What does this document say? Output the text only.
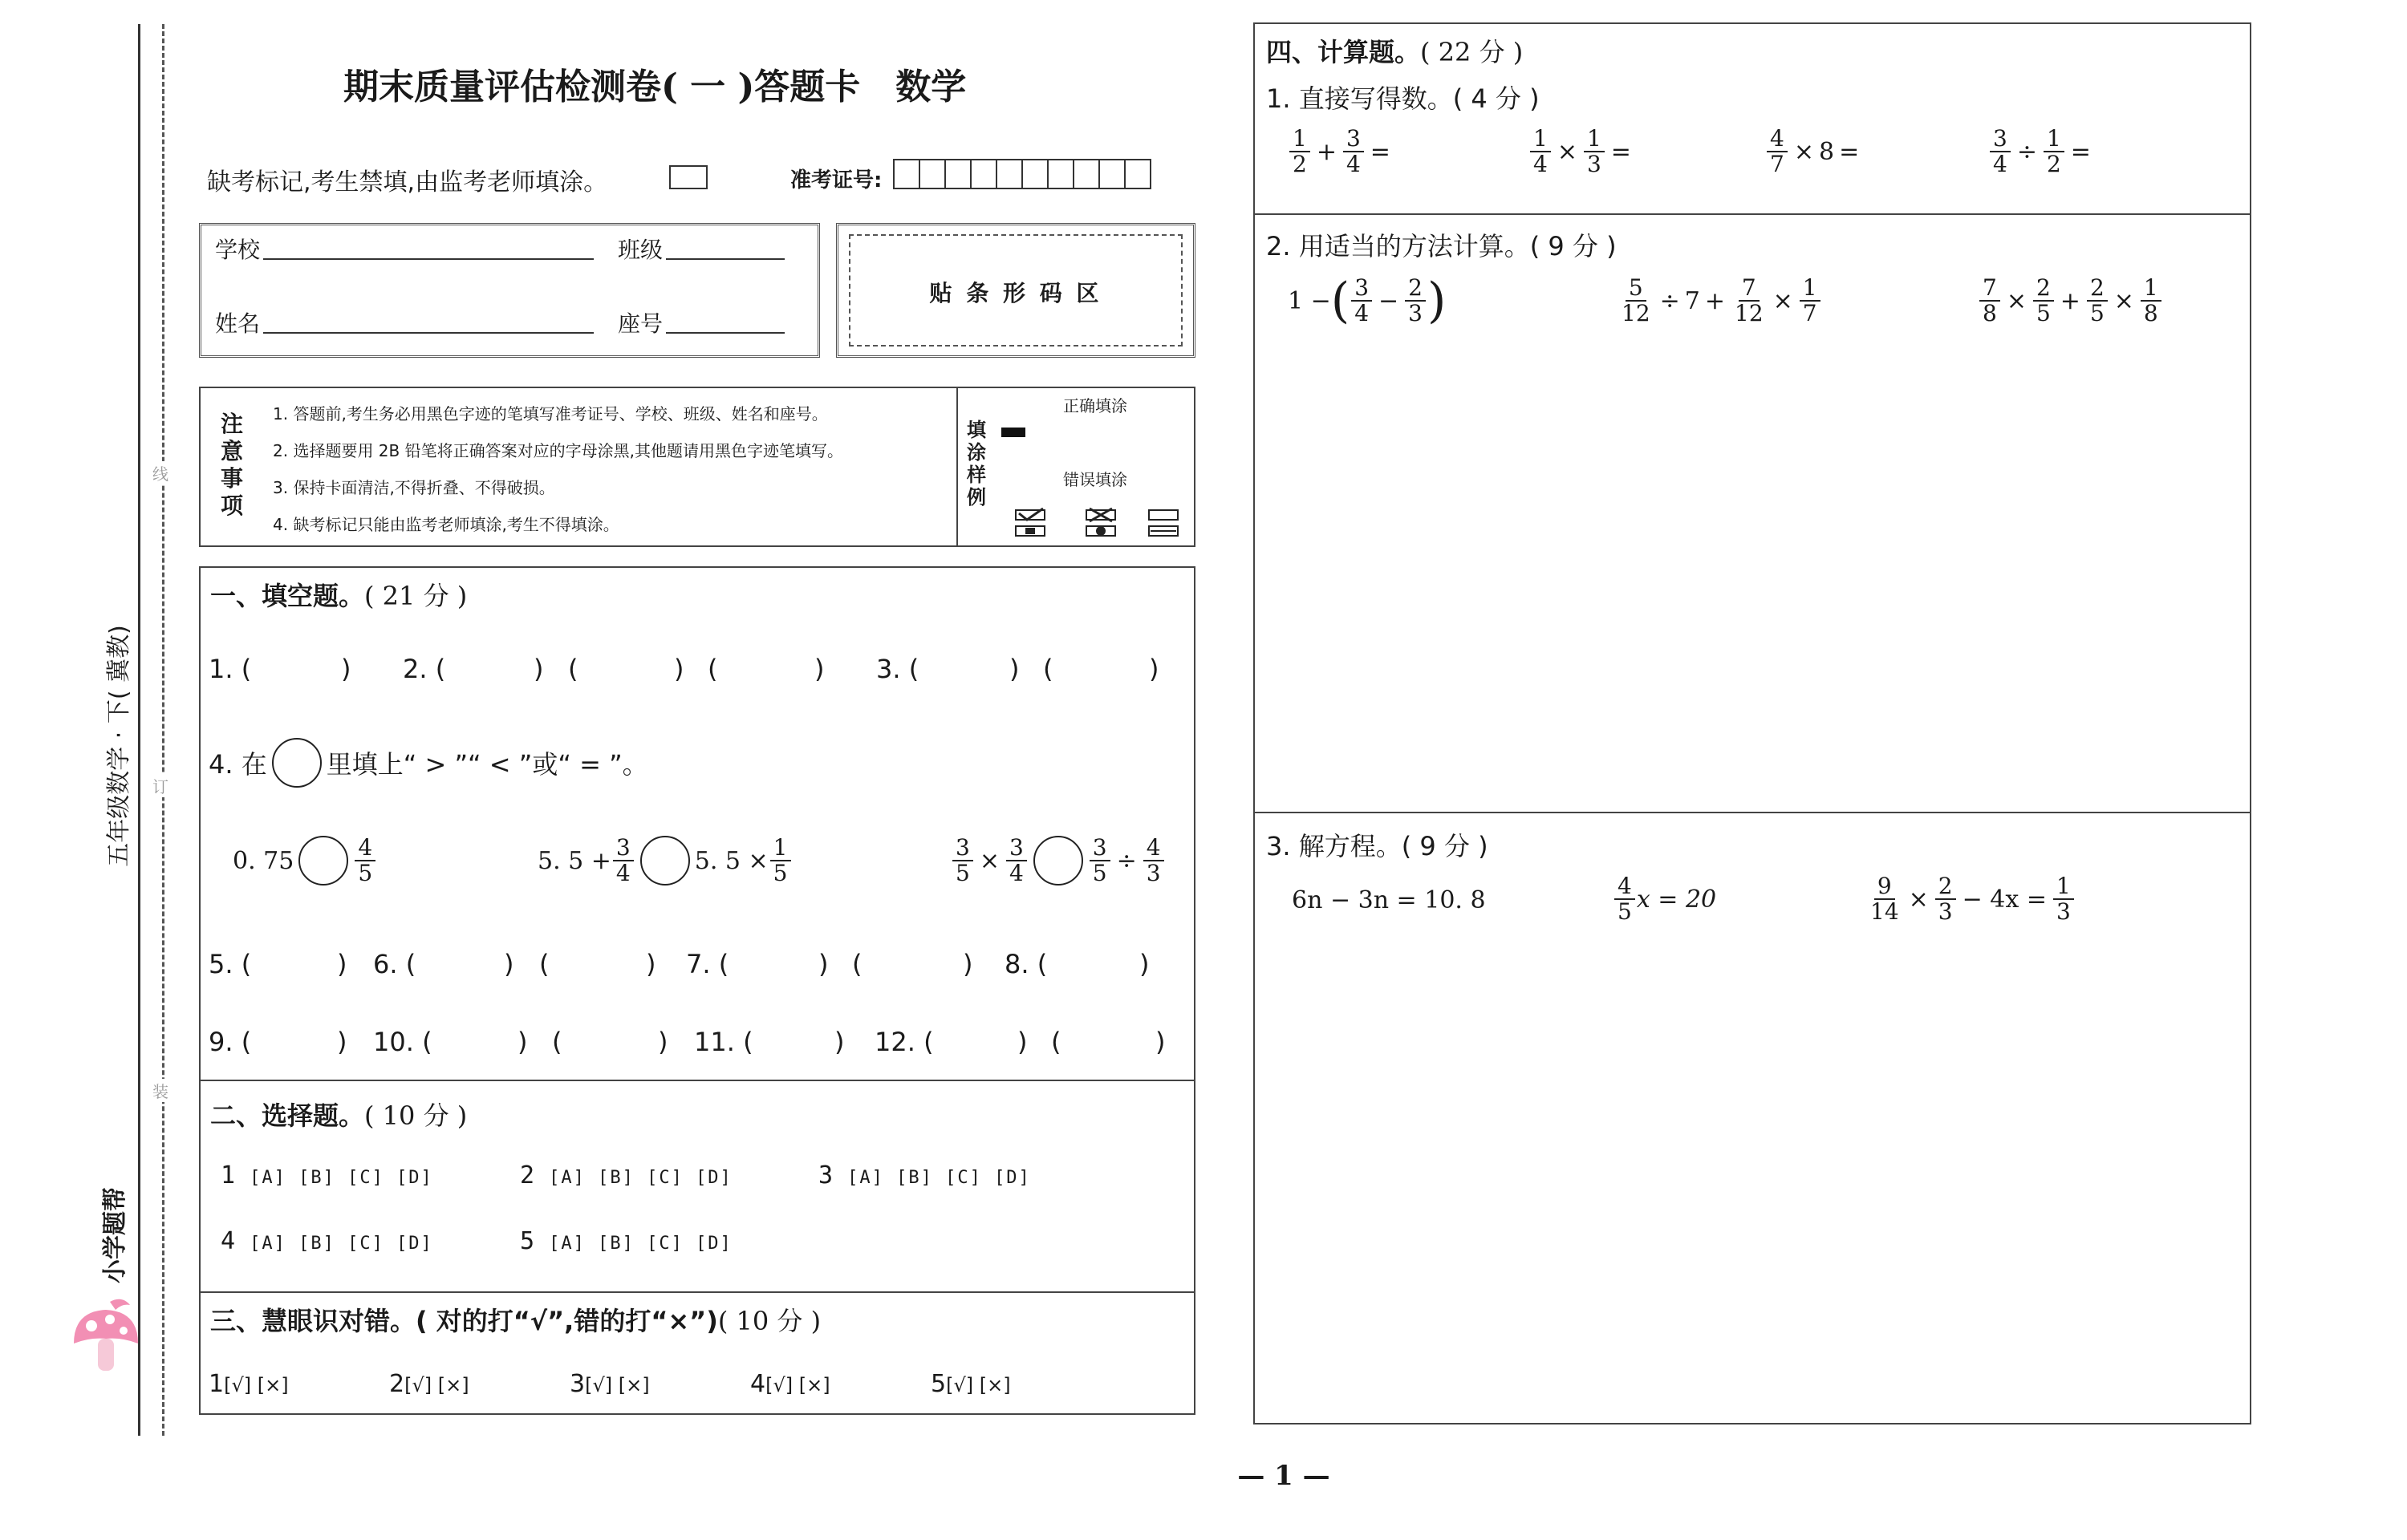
线
订
装
五年级数学 · 下( 冀教)
小学题帮
期末质量评估检测卷( 一 )答题卡　数学
缺考标记,考生禁填,由监考老师填涂。	准考证号:
学校	班级
姓名	座号
贴 条 形 码 区
注意事项
1. 答题前,考生务必用黑色字迹的笔填写准考证号、学校、班级、姓名和座号。
2. 选择题要用 2B 铅笔将正确答案对应的字母涂黑,其他题请用黑色字迹笔填写。
3. 保持卡面清洁,不得折叠、不得破损。
4. 缺考标记只能由监考老师填涂,考生不得填涂。
填涂样例
正确填涂
错误填涂
一、填空题。( 21 分 )
1. (	) 2. (	) (	) (	) 3. (	) (	)
4. 在 里填上“ > ”“ < ”或“ = ”。
0. 75	$\frac{4}{5}$	5. $5 + \frac{3}{4}$	5. $5 \times \frac{1}{5}$	$\frac{3}{5} \times \frac{3}{4}$	$\frac{3}{5} \div \frac{4}{3}$
5. (	) 6. (	) (	) 7. (	) (	) 8. (	)
9. (	) 10. (	) (	) 11. (	) 12. (	) (	)
二、选择题。( 10 分 )
1 [A] [B] [C] [D]	2 [A] [B] [C] [D]	3 [A] [B] [C] [D]
4 [A] [B] [C] [D]	5 [A] [B] [C] [D]
三、慧眼识对错。( 对的打“√”,错的打“×”)( 10 分 )
1[√] [×]	2[√] [×]	3[√] [×]	4[√] [×]	5[√] [×]
四、计算题。( 22 分 )
1. 直接写得数。( 4 分 )
$\frac{1}{2} + \frac{3}{4}$ =	$\frac{1}{4} \times \frac{1}{3}$ =	$\frac{4}{7} \times 8$ =	$\frac{3}{4} \div \frac{1}{2}$ =
2. 用适当的方法计算。( 9 分 )
1 − ( $\frac{3}{4} - \frac{2}{3}$ )	$\frac{5}{12} \div 7 + \frac{7}{12} \times \frac{1}{7}$	$\frac{7}{8} \times \frac{2}{5} + \frac{2}{5} \times \frac{1}{8}$
3. 解方程。( 9 分 )
6n − 3n = 10. 8	$\frac{4}{5}$ x = 20	$\frac{9}{14} \times \frac{2}{3} - 4x = \frac{1}{3}$
— 1 —
